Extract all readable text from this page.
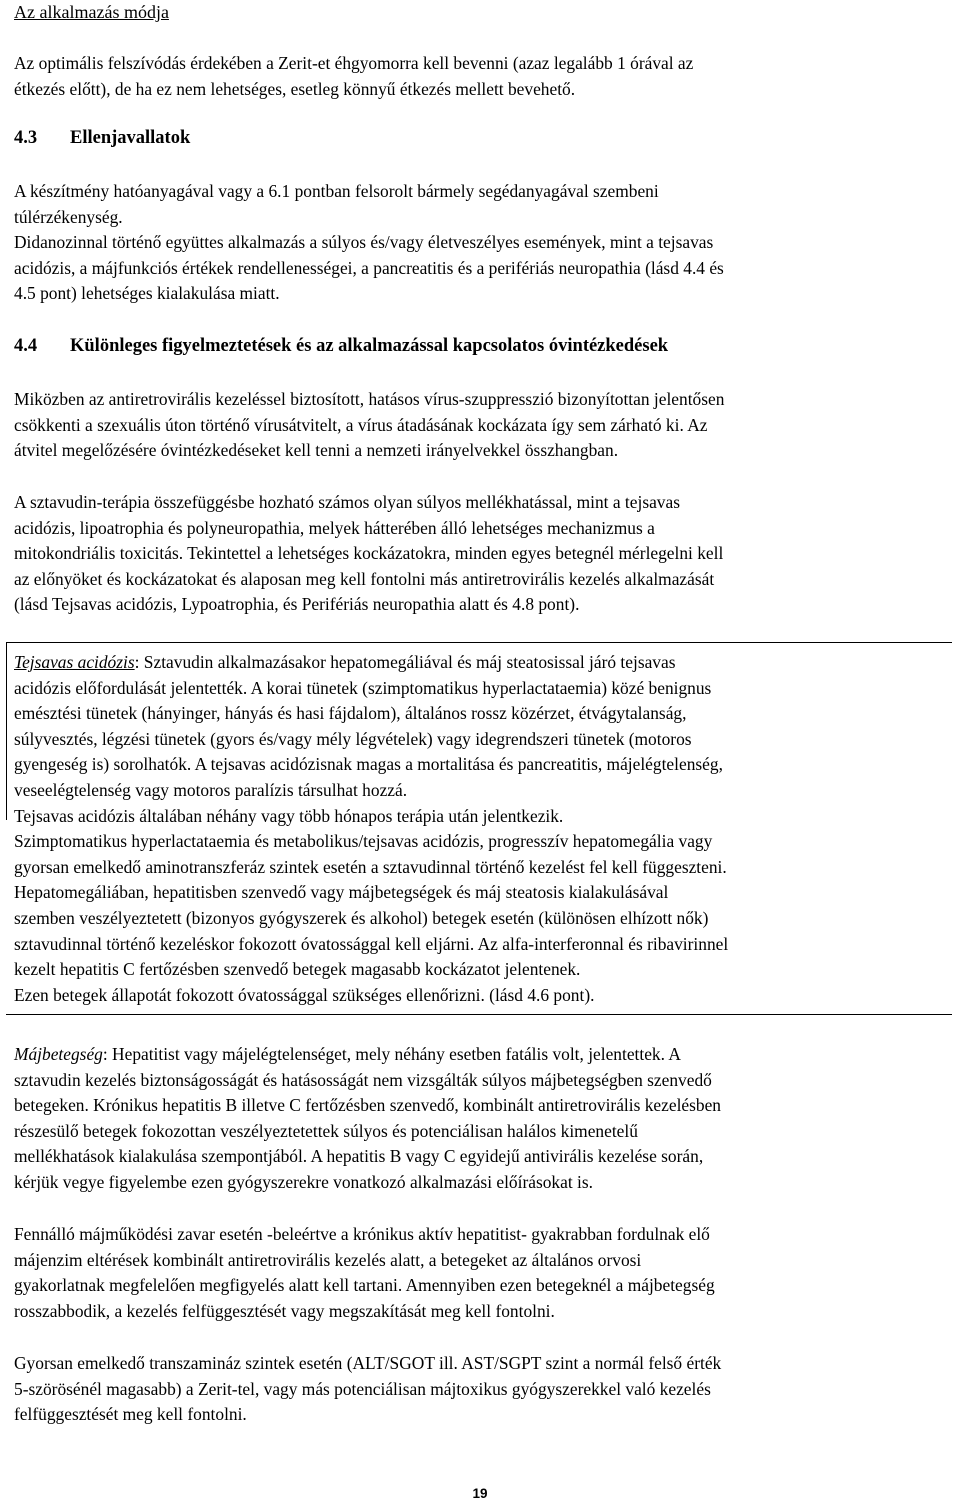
Az alkalmazás módja
Az optimális felszívódás érdekében a Zerit-et éhgyomorra kell bevenni (azaz legalább 1 órával az
étkezés előtt), de ha ez nem lehetséges, esetleg könnyű étkezés mellett bevehető.
4.3 Ellenjavallatok
A készítmény hatóanyagával vagy a 6.1 pontban felsorolt bármely segédanyagával szembeni
túlérzékenység.
Didanozinnal történő együttes alkalmazás a súlyos és/vagy életveszélyes események, mint a tejsavas
acidózis, a májfunkciós értékek rendellenességei, a pancreatitis és a perifériás neuropathia (lásd 4.4 és
4.5 pont) lehetséges kialakulása miatt.
4.4 Különleges figyelmeztetések és az alkalmazással kapcsolatos óvintézkedések
Miközben az antiretrovirális kezeléssel biztosított, hatásos vírus-szuppresszió bizonyítottan jelentősen
csökkenti a szexuális úton történő vírusátvitelt, a vírus átadásának kockázata így sem zárható ki. Az
átvitel megelőzésére óvintézkedéseket kell tenni a nemzeti irányelvekkel összhangban.
A sztavudin-terápia összefüggésbe hozható számos olyan súlyos mellékhatással, mint a tejsavas
acidózis, lipoatrophia és polyneuropathia, melyek hátterében álló lehetséges mechanizmus a
mitokondriális toxicitás. Tekintettel a lehetséges kockázatokra, minden egyes betegnél mérlegelni kell
az előnyöket és kockázatokat és alaposan meg kell fontolni más antiretrovirális kezelés alkalmazását
(lásd Tejsavas acidózis, Lypoatrophia, és Perifériás neuropathia alatt és 4.8 pont).
Tejsavas acidózis: Sztavudin alkalmazásakor hepatomegáliával és máj steatosissal járó tejsavas
acidózis előfordulását jelentették. A korai tünetek (szimptomatikus hyperlactataemia) közé benignus
emésztési tünetek (hányinger, hányás és hasi fájdalom), általános rossz közérzet, étvágytalanság,
súlyvesztés, légzési tünetek (gyors és/vagy mély légvételek) vagy idegrendszeri tünetek (motoros
gyengeség is) sorolhatók. A tejsavas acidózisnak magas a mortalitása és pancreatitis, májelégtelenség,
veseelégtelenség vagy motoros paralízis társulhat hozzá.
Tejsavas acidózis általában néhány vagy több hónapos terápia után jelentkezik.
Szimptomatikus hyperlactataemia és metabolikus/tejsavas acidózis, progresszív hepatomegália vagy
gyorsan emelkedő aminotranszferáz szintek esetén a sztavudinnal történő kezelést fel kell függeszteni.
Hepatomegáliában, hepatitisben szenvedő vagy májbetegségek és máj steatosis kialakulásával
szemben veszélyeztetett (bizonyos gyógyszerek és alkohol) betegek esetén (különösen elhízott nők)
sztavudinnal történő kezeléskor fokozott óvatossággal kell eljárni. Az alfa-interferonnal és ribavirinnel
kezelt hepatitis C fertőzésben szenvedő betegek magasabb kockázatot jelentenek.
Ezen betegek állapotát fokozott óvatossággal szükséges ellenőrizni. (lásd 4.6 pont).
Májbetegség: Hepatitist vagy májelégtelenséget, mely néhány esetben fatális volt, jelentettek. A
sztavudin kezelés biztonságosságát és hatásosságát nem vizsgálták súlyos májbetegségben szenvedő
betegeken. Krónikus hepatitis B illetve C fertőzésben szenvedő, kombinált antiretrovirális kezelésben
részesülő betegek fokozottan veszélyeztetettek súlyos és potenciálisan halálos kimenetelű
mellékhatások kialakulása szempontjából. A hepatitis B vagy C egyidejű antivirális kezelése során,
kérjük vegye figyelembe ezen gyógyszerekre vonatkozó alkalmazási előírásokat is.
Fennálló májműködési zavar esetén -beleértve a krónikus aktív hepatitist- gyakrabban fordulnak elő
májenzim eltérések kombinált antiretrovirális kezelés alatt, a betegeket az általános orvosi
gyakorlatnak megfelelően megfigyelés alatt kell tartani. Amennyiben ezen betegeknél a májbetegség
rosszabbodik, a kezelés felfüggesztését vagy megszakítását meg kell fontolni.
Gyorsan emelkedő transzamináz szintek esetén (ALT/SGOT ill. AST/SGPT szint a normál felső érték
5-szörösénél magasabb) a Zerit-tel, vagy más potenciálisan májtoxikus gyógyszerekkel való kezelés
felfüggesztését meg kell fontolni.
19
